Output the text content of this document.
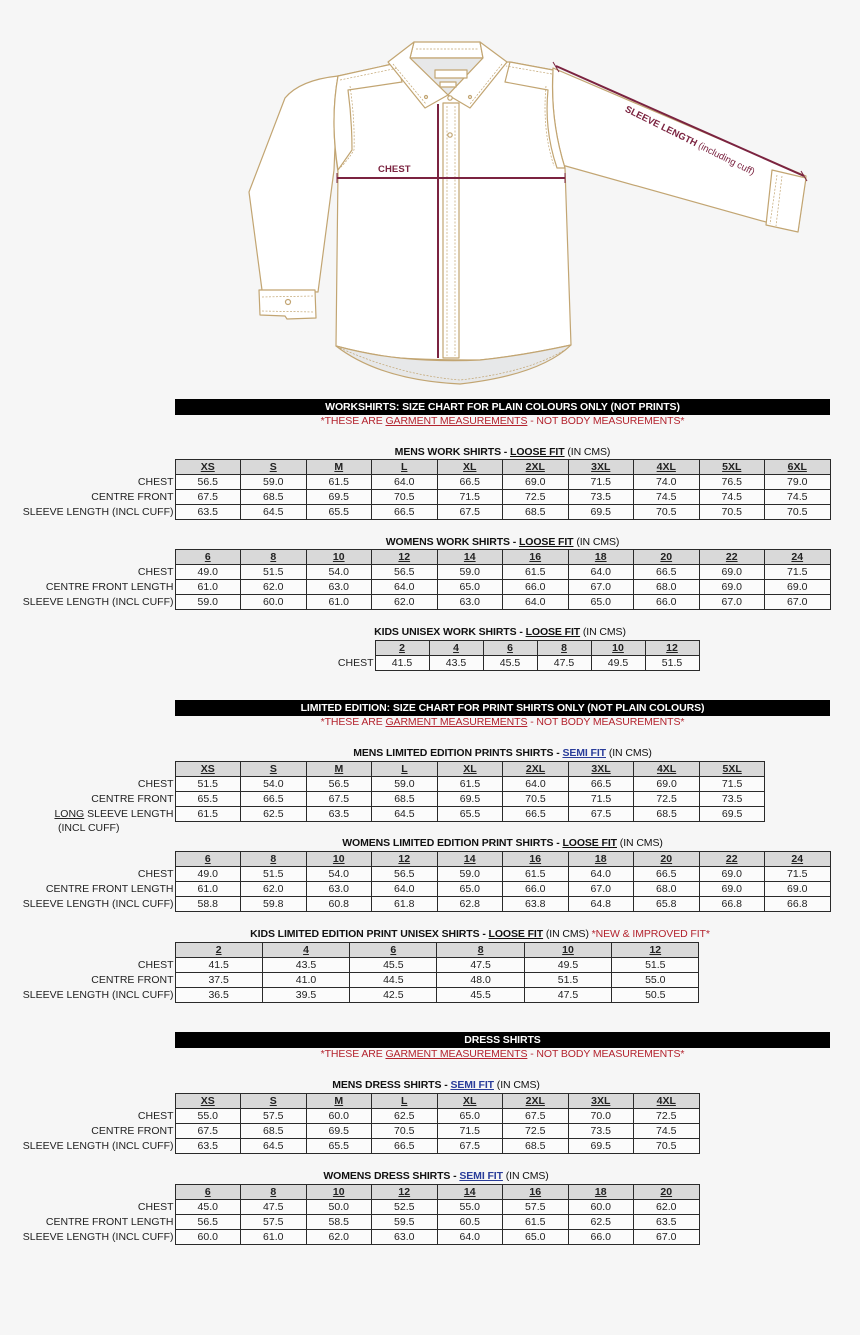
CHEST
SLEEVE LENGTH (including cuff)
WORKSHIRTS: SIZE CHART FOR PLAIN COLOURS ONLY (NOT PRINTS)
*THESE ARE GARMENT MEASUREMENTS - NOT BODY MEASUREMENTS*
MENS WORK SHIRTS - LOOSE FIT (IN CMS)
	XS	S	M	L	XL	2XL	3XL	4XL	5XL	6XL
CHEST	56.5	59.0	61.5	64.0	66.5	69.0	71.5	74.0	76.5	79.0
CENTRE FRONT	67.5	68.5	69.5	70.5	71.5	72.5	73.5	74.5	74.5	74.5
SLEEVE LENGTH (INCL CUFF)	63.5	64.5	65.5	66.5	67.5	68.5	69.5	70.5	70.5	70.5
WOMENS WORK SHIRTS - LOOSE FIT (IN CMS)
	6	8	10	12	14	16	18	20	22	24
CHEST	49.0	51.5	54.0	56.5	59.0	61.5	64.0	66.5	69.0	71.5
CENTRE FRONT LENGTH	61.0	62.0	63.0	64.0	65.0	66.0	67.0	68.0	69.0	69.0
SLEEVE LENGTH (INCL CUFF)	59.0	60.0	61.0	62.0	63.0	64.0	65.0	66.0	67.0	67.0
KIDS UNISEX WORK SHIRTS - LOOSE FIT (IN CMS)
	2	4	6	8	10	12
CHEST	41.5	43.5	45.5	47.5	49.5	51.5
LIMITED EDITION: SIZE CHART FOR PRINT SHIRTS ONLY (NOT PLAIN COLOURS)
*THESE ARE GARMENT MEASUREMENTS - NOT BODY MEASUREMENTS*
MENS LIMITED EDITION PRINTS SHIRTS - SEMI FIT (IN CMS)
	XS	S	M	L	XL	2XL	3XL	4XL	5XL
CHEST	51.5	54.0	56.5	59.0	61.5	64.0	66.5	69.0	71.5
CENTRE FRONT	65.5	66.5	67.5	68.5	69.5	70.5	71.5	72.5	73.5
LONG SLEEVE LENGTH	61.5	62.5	63.5	64.5	65.5	66.5	67.5	68.5	69.5
(INCL CUFF)
WOMENS LIMITED EDITION PRINT SHIRTS - LOOSE FIT (IN CMS)
	6	8	10	12	14	16	18	20	22	24
CHEST	49.0	51.5	54.0	56.5	59.0	61.5	64.0	66.5	69.0	71.5
CENTRE FRONT LENGTH	61.0	62.0	63.0	64.0	65.0	66.0	67.0	68.0	69.0	69.0
SLEEVE LENGTH (INCL CUFF)	58.8	59.8	60.8	61.8	62.8	63.8	64.8	65.8	66.8	66.8
KIDS LIMITED EDITION PRINT UNISEX SHIRTS - LOOSE FIT (IN CMS) *NEW & IMPROVED FIT*
	2	4	6	8	10	12
CHEST	41.5	43.5	45.5	47.5	49.5	51.5
CENTRE FRONT	37.5	41.0	44.5	48.0	51.5	55.0
SLEEVE LENGTH (INCL CUFF)	36.5	39.5	42.5	45.5	47.5	50.5
DRESS SHIRTS
*THESE ARE GARMENT MEASUREMENTS - NOT BODY MEASUREMENTS*
MENS DRESS SHIRTS - SEMI FIT (IN CMS)
	XS	S	M	L	XL	2XL	3XL	4XL
CHEST	55.0	57.5	60.0	62.5	65.0	67.5	70.0	72.5
CENTRE FRONT	67.5	68.5	69.5	70.5	71.5	72.5	73.5	74.5
SLEEVE LENGTH (INCL CUFF)	63.5	64.5	65.5	66.5	67.5	68.5	69.5	70.5
WOMENS DRESS SHIRTS - SEMI FIT (IN CMS)
	6	8	10	12	14	16	18	20
CHEST	45.0	47.5	50.0	52.5	55.0	57.5	60.0	62.0
CENTRE FRONT LENGTH	56.5	57.5	58.5	59.5	60.5	61.5	62.5	63.5
SLEEVE LENGTH (INCL CUFF)	60.0	61.0	62.0	63.0	64.0	65.0	66.0	67.0
